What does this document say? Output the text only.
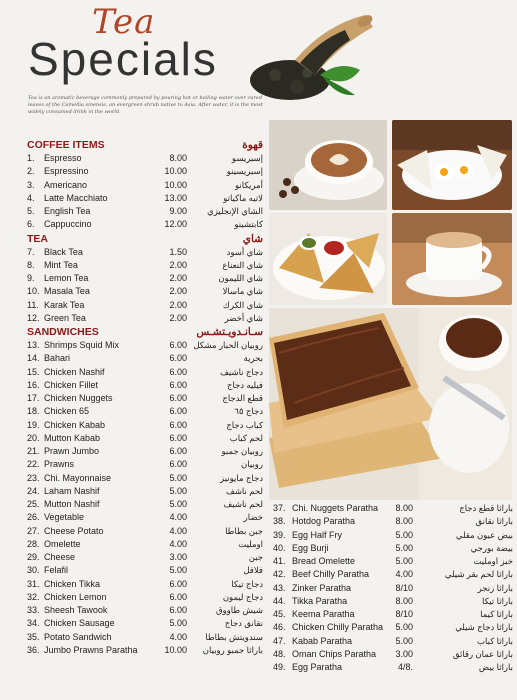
Tea
Specials
Tea is an aromatic beverage commonly prepared by pouring hot or boiling water over cured leaves of the Camellia sinensis, an evergreen shrub native to Asia. After water, it is the most widely consumed drink in the world.
COFFEE ITEMS	قهوة
1.	Espresso	8.00	إسبريسو
2.	Espressino	10.00	إسبريسينو
3.	Americano	10.00	أمريكانو
4.	Latte Macchiato	13.00	لاتيه ماكياتو
5.	English Tea	9.00 الشاي الإنجليزي
6.	Cappuccino	12.00	كابتشينو
TEA	شاي
7.	Black Tea	1.50	شاي أسود
8.	Mint Tea	2.00	شاي النعناع
9.	Lemon Tea	2.00	شاي الليمون
10. Masala Tea	2.00	شاي ماسالا
11. Karak Tea	2.00	شاي الكرك
12. Green Tea	2.00	شاي أخضر
SANDWICHES	سـانـدويـتشـس
13. Shrimps Squid Mix	6.00 روبيان الحبار مشكل
14. Bahari	6.00	بحرية
15. Chicken Nashif	6.00	دجاج ناشيف
16. Chicken Fillet	6.00	فيليه دجاج
17. Chicken Nuggets	6.00	قطع الدجاج
18. Chicken 65	6.00	دجاج ٦٥
19. Chicken Kabab	6.00	كباب دجاج
20. Mutton Kabab	6.00	لحم كباب
21. Prawn Jumbo	6.00	روبيان جمبو
22. Prawns	6.00	روبيان
23. Chi. Mayonnaise	5.00	دجاج مايونيز
24. Laham Nashif	5.00	لحم ناشف
25. Mutton Nashif	5.00	لحم ناشيف
26. Vegetable	4.00	خضار
27. Cheese Potato	4.00	جبن بطاطا
28. Omelette	4.00	اومليت
29. Cheese	3.00	جبن
30. Felafil	5.00	فلافل
31. Chicken Tikka	6.00	دجاج تيكا
32. Chicken Lemon	6.00	دجاج ليمون
33. Sheesh Tawook	6.00	شيش طاووق
34. Chicken Sausage	5.00	نقانق دجاج
35. Potato Sandwich	4.00 سندويتش بطاطا
36. Jumbo Prawns Paratha	10.00 باراثا جمبو روبيان
37. Chi. Nuggets Paratha	8.00	باراثا قطع دجاج
38. Hotdog Paratha	8.00	باراثا نقانق
39. Egg Half Fry	5.00	بيض عيون مقلي
40. Egg Burji	5.00	بيضة بورجي
41. Bread Omelette	5.00	خبز اومليت
42. Beef Chilly Paratha	4.00	باراثا لحم بقر شيلي
43. Zinker Paratha	8/10	باراثا زنجر
44. Tikka Paratha	8.00	باراثا تيكا
45. Keema Paratha	8/10	باراثا كيما
46. Chicken Chilly Paratha	5.00	باراثا دجاج شيلي
47. Kabab Paratha	5.00	باراثا كباب
48. Oman Chips Paratha	3.00	باراثا عمان رقائق
49. Egg Paratha	4/8.	باراثا بيض
